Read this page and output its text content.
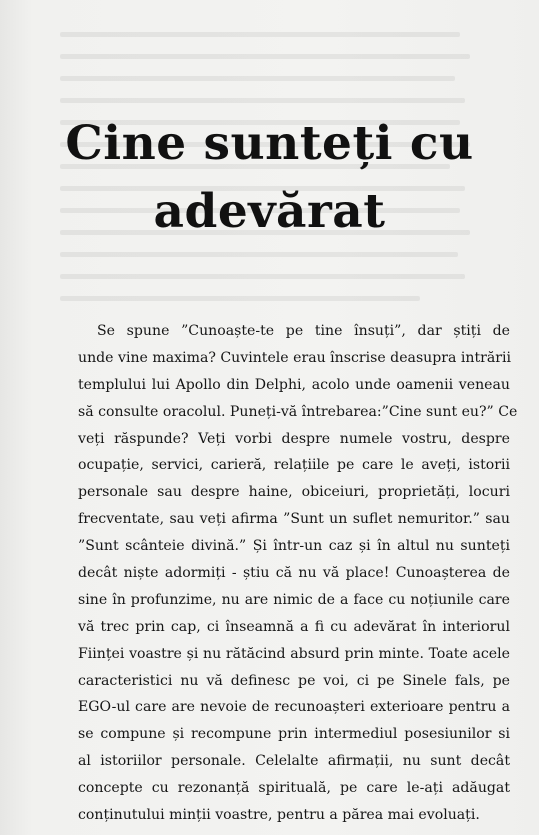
Cine sunteți cu
adevărat
Se spune ”Cunoaște-te pe tine însuți”, dar știți de
unde vine maxima? Cuvintele erau înscrise deasupra intrării
templului lui Apollo din Delphi, acolo unde oamenii veneau
să consulte oracolul. Puneți-vă întrebarea:”Cine sunt eu?” Ce
veți răspunde? Veți vorbi despre numele vostru, despre
ocupație, servici, carieră, relațiile pe care le aveți, istorii
personale sau despre haine, obiceiuri, proprietăți, locuri
frecventate, sau veți afirma ”Sunt un suflet nemuritor.” sau
”Sunt scânteie divină.” Și într-un caz și în altul nu sunteți
decât niște adormiți - știu că nu vă place! Cunoașterea de
sine în profunzime, nu are nimic de a face cu noțiunile care
vă trec prin cap, ci înseamnă a fi cu adevărat în interiorul
Ființei voastre și nu rătăcind absurd prin minte. Toate acele
caracteristici nu vă definesc pe voi, ci pe Sinele fals, pe
EGO-ul care are nevoie de recunoașteri exterioare pentru a
se compune și recompune prin intermediul posesiunilor si
al istoriilor personale. Celelalte afirmații, nu sunt decât
concepte cu rezonanță spirituală, pe care le-ați adăugat
conținutului minții voastre, pentru a părea mai evoluați.
